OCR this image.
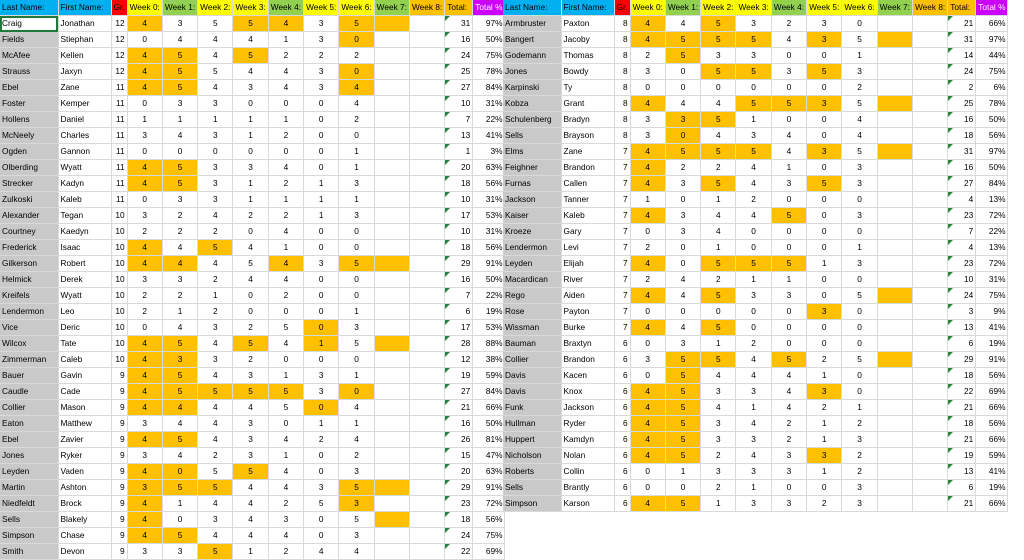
Last Name:	First Name:	Gr.	Week 0:	Week 1:	Week 2:	Week 3:	Week 4:	Week 5:	Week 6:	Week 7:	Week 8:	Total:	Total %
Craig	Jonathan	12	4	3	5	5	4	3	5			31	97%
Fields	Stiephan	12	0	4	4	4	1	3	0			16	50%
McAfee	Kellen	12	4	5	4	5	2	2	2			24	75%
Strauss	Jaxyn	12	4	5	5	4	4	3	0			25	78%
Ebel	Zane	11	4	5	4	3	4	3	4			27	84%
Foster	Kemper	11	0	3	3	0	0	0	4			10	31%
Hollens	Daniel	11	1	1	1	1	1	0	2			7	22%
McNeely	Charles	11	3	4	3	1	2	0	0			13	41%
Ogden	Gannon	11	0	0	0	0	0	0	1			1	3%
Olberding	Wyatt	11	4	5	3	3	4	0	1			20	63%
Strecker	Kadyn	11	4	5	3	1	2	1	3			18	56%
Zulkoski	Kaleb	11	0	3	3	1	1	1	1			10	31%
Alexander	Tegan	10	3	2	4	2	2	1	3			17	53%
Courtney	Kaedyn	10	2	2	2	0	4	0	0			10	31%
Frederick	Isaac	10	4	4	5	4	1	0	0			18	56%
Gilkerson	Robert	10	4	4	4	5	4	3	5			29	91%
Helmick	Derek	10	3	3	2	4	4	0	0			16	50%
Kreifels	Wyatt	10	2	2	1	0	2	0	0			7	22%
Lendermon	Leo	10	2	1	2	0	0	0	1			6	19%
Vice	Deric	10	0	4	3	2	5	0	3			17	53%
Wilcox	Tate	10	4	5	4	5	4	1	5			28	88%
Zimmerman	Caleb	10	4	3	3	2	0	0	0			12	38%
Bauer	Gavin	9	4	5	4	3	1	3	1			19	59%
Caudle	Cade	9	4	5	5	5	5	3	0			27	84%
Collier	Mason	9	4	4	4	4	5	0	4			21	66%
Eaton	Matthew	9	3	4	4	3	0	1	1			16	50%
Ebel	Zavier	9	4	5	4	3	4	2	4			26	81%
Jones	Ryker	9	3	4	2	3	1	0	2			15	47%
Leyden	Vaden	9	4	0	5	5	4	0	3			20	63%
Martin	Ashton	9	3	5	5	4	4	3	5			29	91%
Niedfeldt	Brock	9	4	1	4	4	2	5	3			23	72%
Sells	Blakely	9	4	0	3	4	3	0	5			18	56%
Simpson	Chase	9	4	5	4	4	4	0	3			24	75%
Smith	Devon	9	3	3	5	1	2	4	4			22	69%
Last Name:	First Name:	Gr.	Week 0:	Week 1:	Week 2:	Week 3:	Week 4:	Week 5:	Week 6:	Week 7:	Week 8:	Total:	Total %
Armbruster	Paxton	8	4	4	5	3	2	3	0			21	66%
Bangert	Jacoby	8	4	5	5	5	4	3	5			31	97%
Godemann	Thomas	8	2	5	3	3	0	0	1			14	44%
Jones	Bowdy	8	3	0	5	5	3	5	3			24	75%
Karpinski	Ty	8	0	0	0	0	0	0	2			2	6%
Kobza	Grant	8	4	4	4	5	5	3	5			25	78%
Schulenberg	Bradyn	8	3	3	5	1	0	0	4			16	50%
Sells	Brayson	8	3	0	4	3	4	0	4			18	56%
Elms	Zane	7	4	5	5	5	4	3	5			31	97%
Feighner	Brandon	7	4	2	2	4	1	0	3			16	50%
Furnas	Callen	7	4	3	5	4	3	5	3			27	84%
Jackson	Tanner	7	1	0	1	2	0	0	0			4	13%
Kaiser	Kaleb	7	4	3	4	4	5	0	3			23	72%
Kroeze	Gary	7	0	3	4	0	0	0	0			7	22%
Lendermon	Levi	7	2	0	1	0	0	0	1			4	13%
Leyden	Elijah	7	4	0	5	5	5	1	3			23	72%
Macardican	River	7	2	4	2	1	1	0	0			10	31%
Rego	Aiden	7	4	4	5	3	3	0	5			24	75%
Rose	Payton	7	0	0	0	0	0	3	0			3	9%
Wissman	Burke	7	4	4	5	0	0	0	0			13	41%
Bauman	Braxtyn	6	0	3	1	2	0	0	0			6	19%
Collier	Brandon	6	3	5	5	4	5	2	5			29	91%
Davis	Kacen	6	0	5	4	4	4	1	0			18	56%
Davis	Knox	6	4	5	3	3	4	3	0			22	69%
Funk	Jackson	6	4	5	4	1	4	2	1			21	66%
Hullman	Ryder	6	4	5	3	4	2	1	2			18	56%
Huppert	Kamdyn	6	4	5	3	3	2	1	3			21	66%
Nicholson	Nolan	6	4	5	2	4	3	3	2			19	59%
Roberts	Collin	6	0	1	3	3	3	1	2			13	41%
Sells	Brantly	6	0	0	2	1	0	0	3			6	19%
Simpson	Karson	6	4	5	1	3	3	2	3			21	66%
